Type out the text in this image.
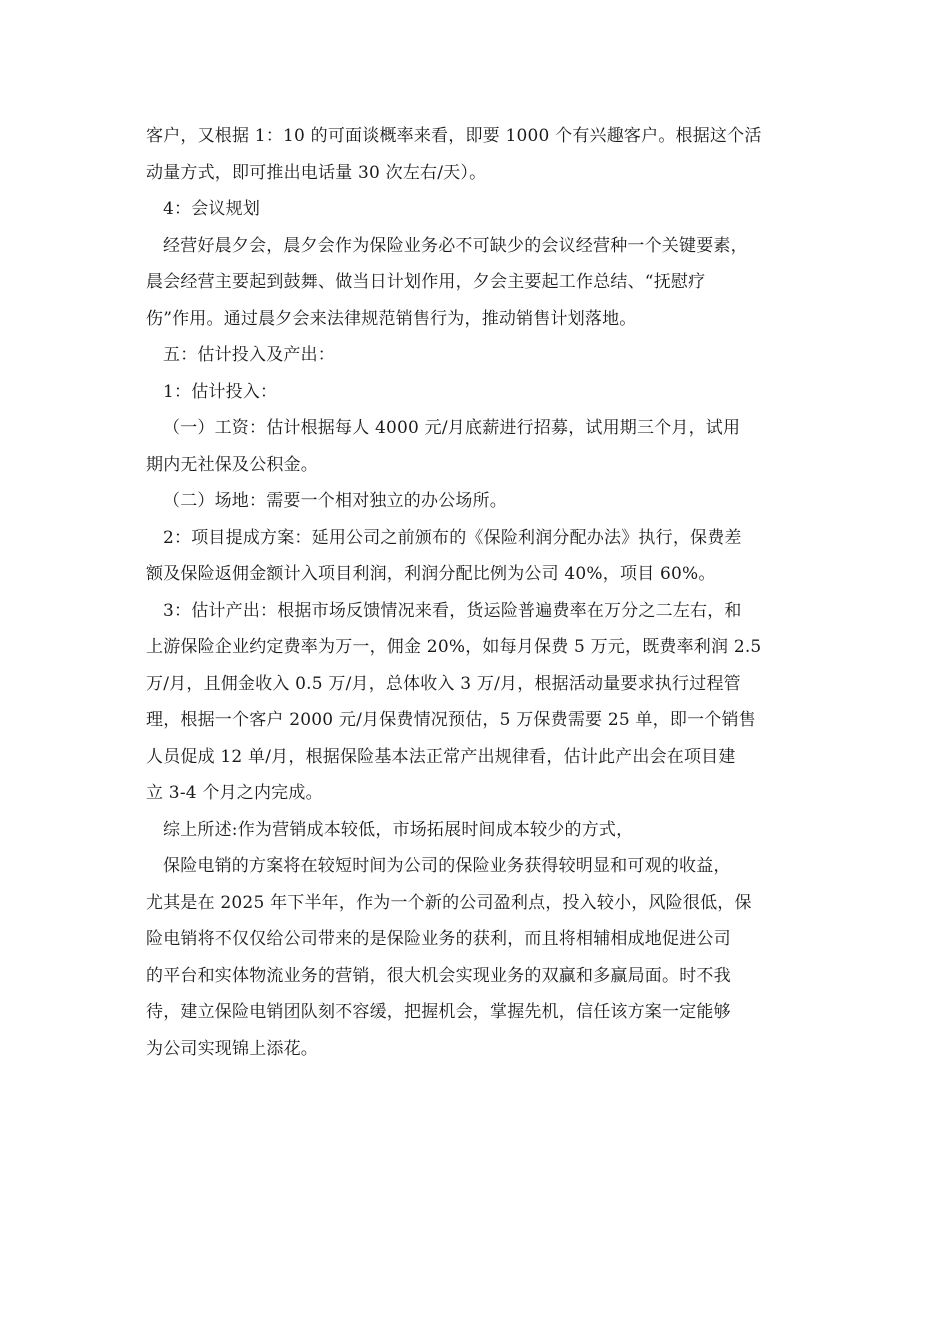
客户，又根据 1：10 的可面谈概率来看，即要 1000 个有兴趣客户。根据这个活
动量方式，即可推出电话量 30 次左右/天）。
4：会议规划
经营好晨夕会，晨夕会作为保险业务必不可缺少的会议经营种一个关键要素，
晨会经营主要起到鼓舞、做当日计划作用，夕会主要起工作总结、“抚慰疗
伤”作用。通过晨夕会来法律规范销售行为，推动销售计划落地。
五：估计投入及产出：
1：估计投入：
（一）工资：估计根据每人 4000 元/月底薪进行招募，试用期三个月，试用
期内无社保及公积金。
（二）场地：需要一个相对独立的办公场所。
2：项目提成方案：延用公司之前颁布的《保险利润分配办法》执行，保费差
额及保险返佣金额计入项目利润，利润分配比例为公司 40%，项目 60%。
3：估计产出：根据市场反馈情况来看，货运险普遍费率在万分之二左右，和
上游保险企业约定费率为万一，佣金 20%，如每月保费 5 万元，既费率利润 2.5
万/月，且佣金收入 0.5 万/月，总体收入 3 万/月，根据活动量要求执行过程管
理，根据一个客户 2000 元/月保费情况预估，5 万保费需要 25 单，即一个销售
人员促成 12 单/月，根据保险基本法正常产出规律看，估计此产出会在项目建
立 3-4 个月之内完成。
综上所述:作为营销成本较低，市场拓展时间成本较少的方式，
保险电销的方案将在较短时间为公司的保险业务获得较明显和可观的收益，
尤其是在 2025 年下半年，作为一个新的公司盈利点，投入较小，风险很低，保
险电销将不仅仅给公司带来的是保险业务的获利，而且将相辅相成地促进公司
的平台和实体物流业务的营销，很大机会实现业务的双赢和多赢局面。时不我
待，建立保险电销团队刻不容缓，把握机会，掌握先机，信任该方案一定能够
为公司实现锦上添花。
